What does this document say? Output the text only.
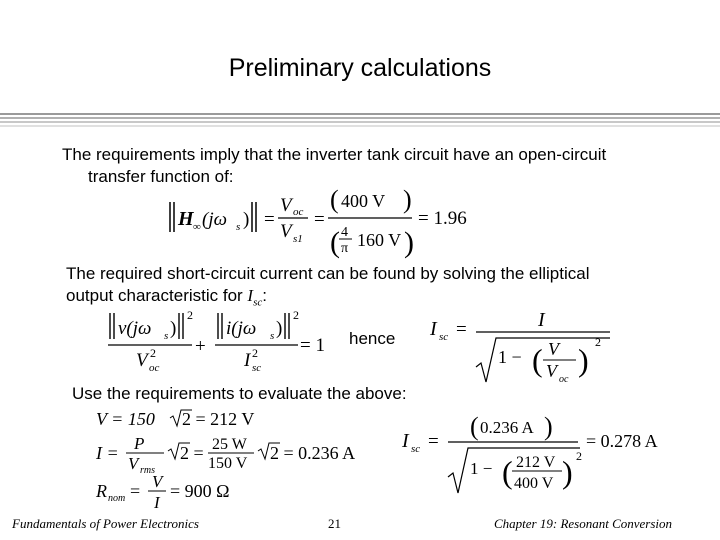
Preliminary calculations
The requirements imply that the inverter tank circuit have an open-circuit
transfer function of:
H ∞ (jω s ) =
V oc
V s1
=
( 400 V )
( 4
π 160 V )
= 1.96
The required short-circuit current can be found by solving the elliptical
output characteristic for $I_{sc}$:
v(jω s )
2
V oc
2 +
i(jω s )
2
I sc
2 = 1 hence I sc =	I
1 − ( V
V oc
) 2
Use the requirements to evaluate the above:
V = 150 2 = 212 V
I = P
V rms
2 = 25 W
150 V
2 = 0.236 A
R nom = V
I
= 900 Ω
I sc =
( 0.236 A )
1 − ( 212 V
400 V ) 2
= 0.278 A
Fundamentals of Power Electronics	21	Chapter 19: Resonant Conversion
